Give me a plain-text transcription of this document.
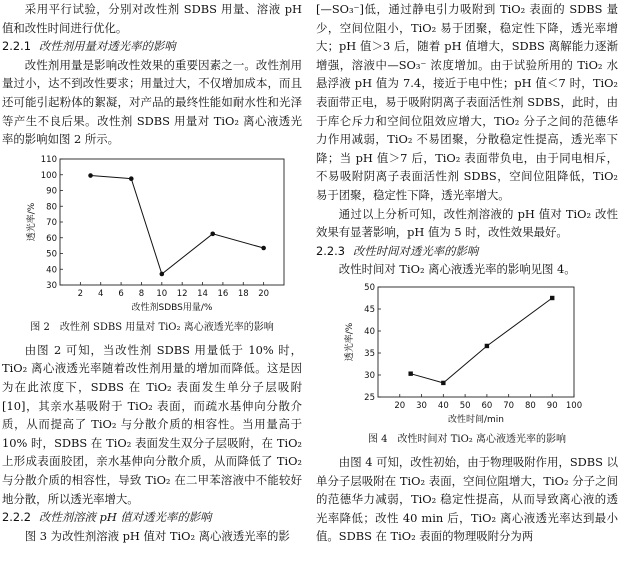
采用平行试验，分别对改性剂 SDBS 用量、溶液 pH 值和改性时间进行优化。

2.2.1 改性剂用量对透光率的影响

改性剂用量是影响改性效果的重要因素之一。改性剂用量过小，达不到改性要求；用量过大，不仅增加成本，而且还可能引起粉体的絮凝，对产品的最终性能如耐水性和光泽等产生不良后果。改性剂 SDBS 用量对 TiO₂ 离心液透光率的影响如图 2 所示。

2 4 6 8 10 12 14 16 18 20
30
40
50
60
70
80
90
100
110
改性剂SDBS用量/%
透光率/%
图 2　改性剂 SDBS 用量对 TiO₂ 离心液透光率的影响

由图 2 可知，当改性剂 SDBS 用量低于 10% 时，TiO₂ 离心液透光率随着改性剂用量的增加而降低。这是因为在此浓度下，SDBS 在 TiO₂ 表面发生单分子层吸附[10]，其亲水基吸附于 TiO₂ 表面，而疏水基伸向分散介质，从而提高了 TiO₂ 与分散介质的相容性。当用量高于 10% 时，SDBS 在 TiO₂ 表面发生双分子层吸附，在 TiO₂ 上形成表面胶团，亲水基伸向分散介质，从而降低了 TiO₂ 与分散介质的相容性，导致 TiO₂ 在二甲苯溶液中不能较好地分散，所以透光率增大。

2.2.2 改性剂溶液 pH 值对透光率的影响

图 3 为改性剂溶液 pH 值对 TiO₂ 离心液透光率的影

[—SO₃⁻]低，通过静电引力吸附到 TiO₂ 表面的 SDBS 量少，空间位阻小，TiO₂ 易于团聚，稳定性下降，透光率增大；pH 值＞3 后，随着 pH 值增大，SDBS 离解能力逐渐增强，溶液中—SO₃⁻ 浓度增加。由于试验所用的 TiO₂ 水悬浮液 pH 值为 7.4，接近于电中性；pH 值＜7 时，TiO₂ 表面带正电，易于吸附阴离子表面活性剂 SDBS，此时，由于库仑斥力和空间位阻效应增大，TiO₂ 分子之间的范德华力作用减弱，TiO₂ 不易团聚，分散稳定性提高，透光率下降；当 pH 值＞7 后，TiO₂ 表面带负电，由于同电相斥，不易吸附阴离子表面活性剂 SDBS，空间位阻降低，TiO₂ 易于团聚，稳定性下降，透光率增大。

通过以上分析可知，改性剂溶液的 pH 值对 TiO₂ 改性效果有显著影响，pH 值为 5 时，改性效果最好。

2.2.3 改性时间对透光率的影响

改性时间对 TiO₂ 离心液透光率的影响见图 4。

20 30 40 50 60 70 80 90 100
25
30
35
40
45
50
改性时间/min
透光率/%
图 4　改性时间对 TiO₂ 离心液透光率的影响

由图 4 可知，改性初始，由于物理吸附作用，SDBS 以单分子层吸附在 TiO₂ 表面，空间位阻增大，TiO₂ 分子之间的范德华力减弱，TiO₂ 稳定性提高，从而导致离心液的透光率降低；改性 40 min 后，TiO₂ 离心液透光率达到最小值。SDBS 在 TiO₂ 表面的物理吸附分为两
